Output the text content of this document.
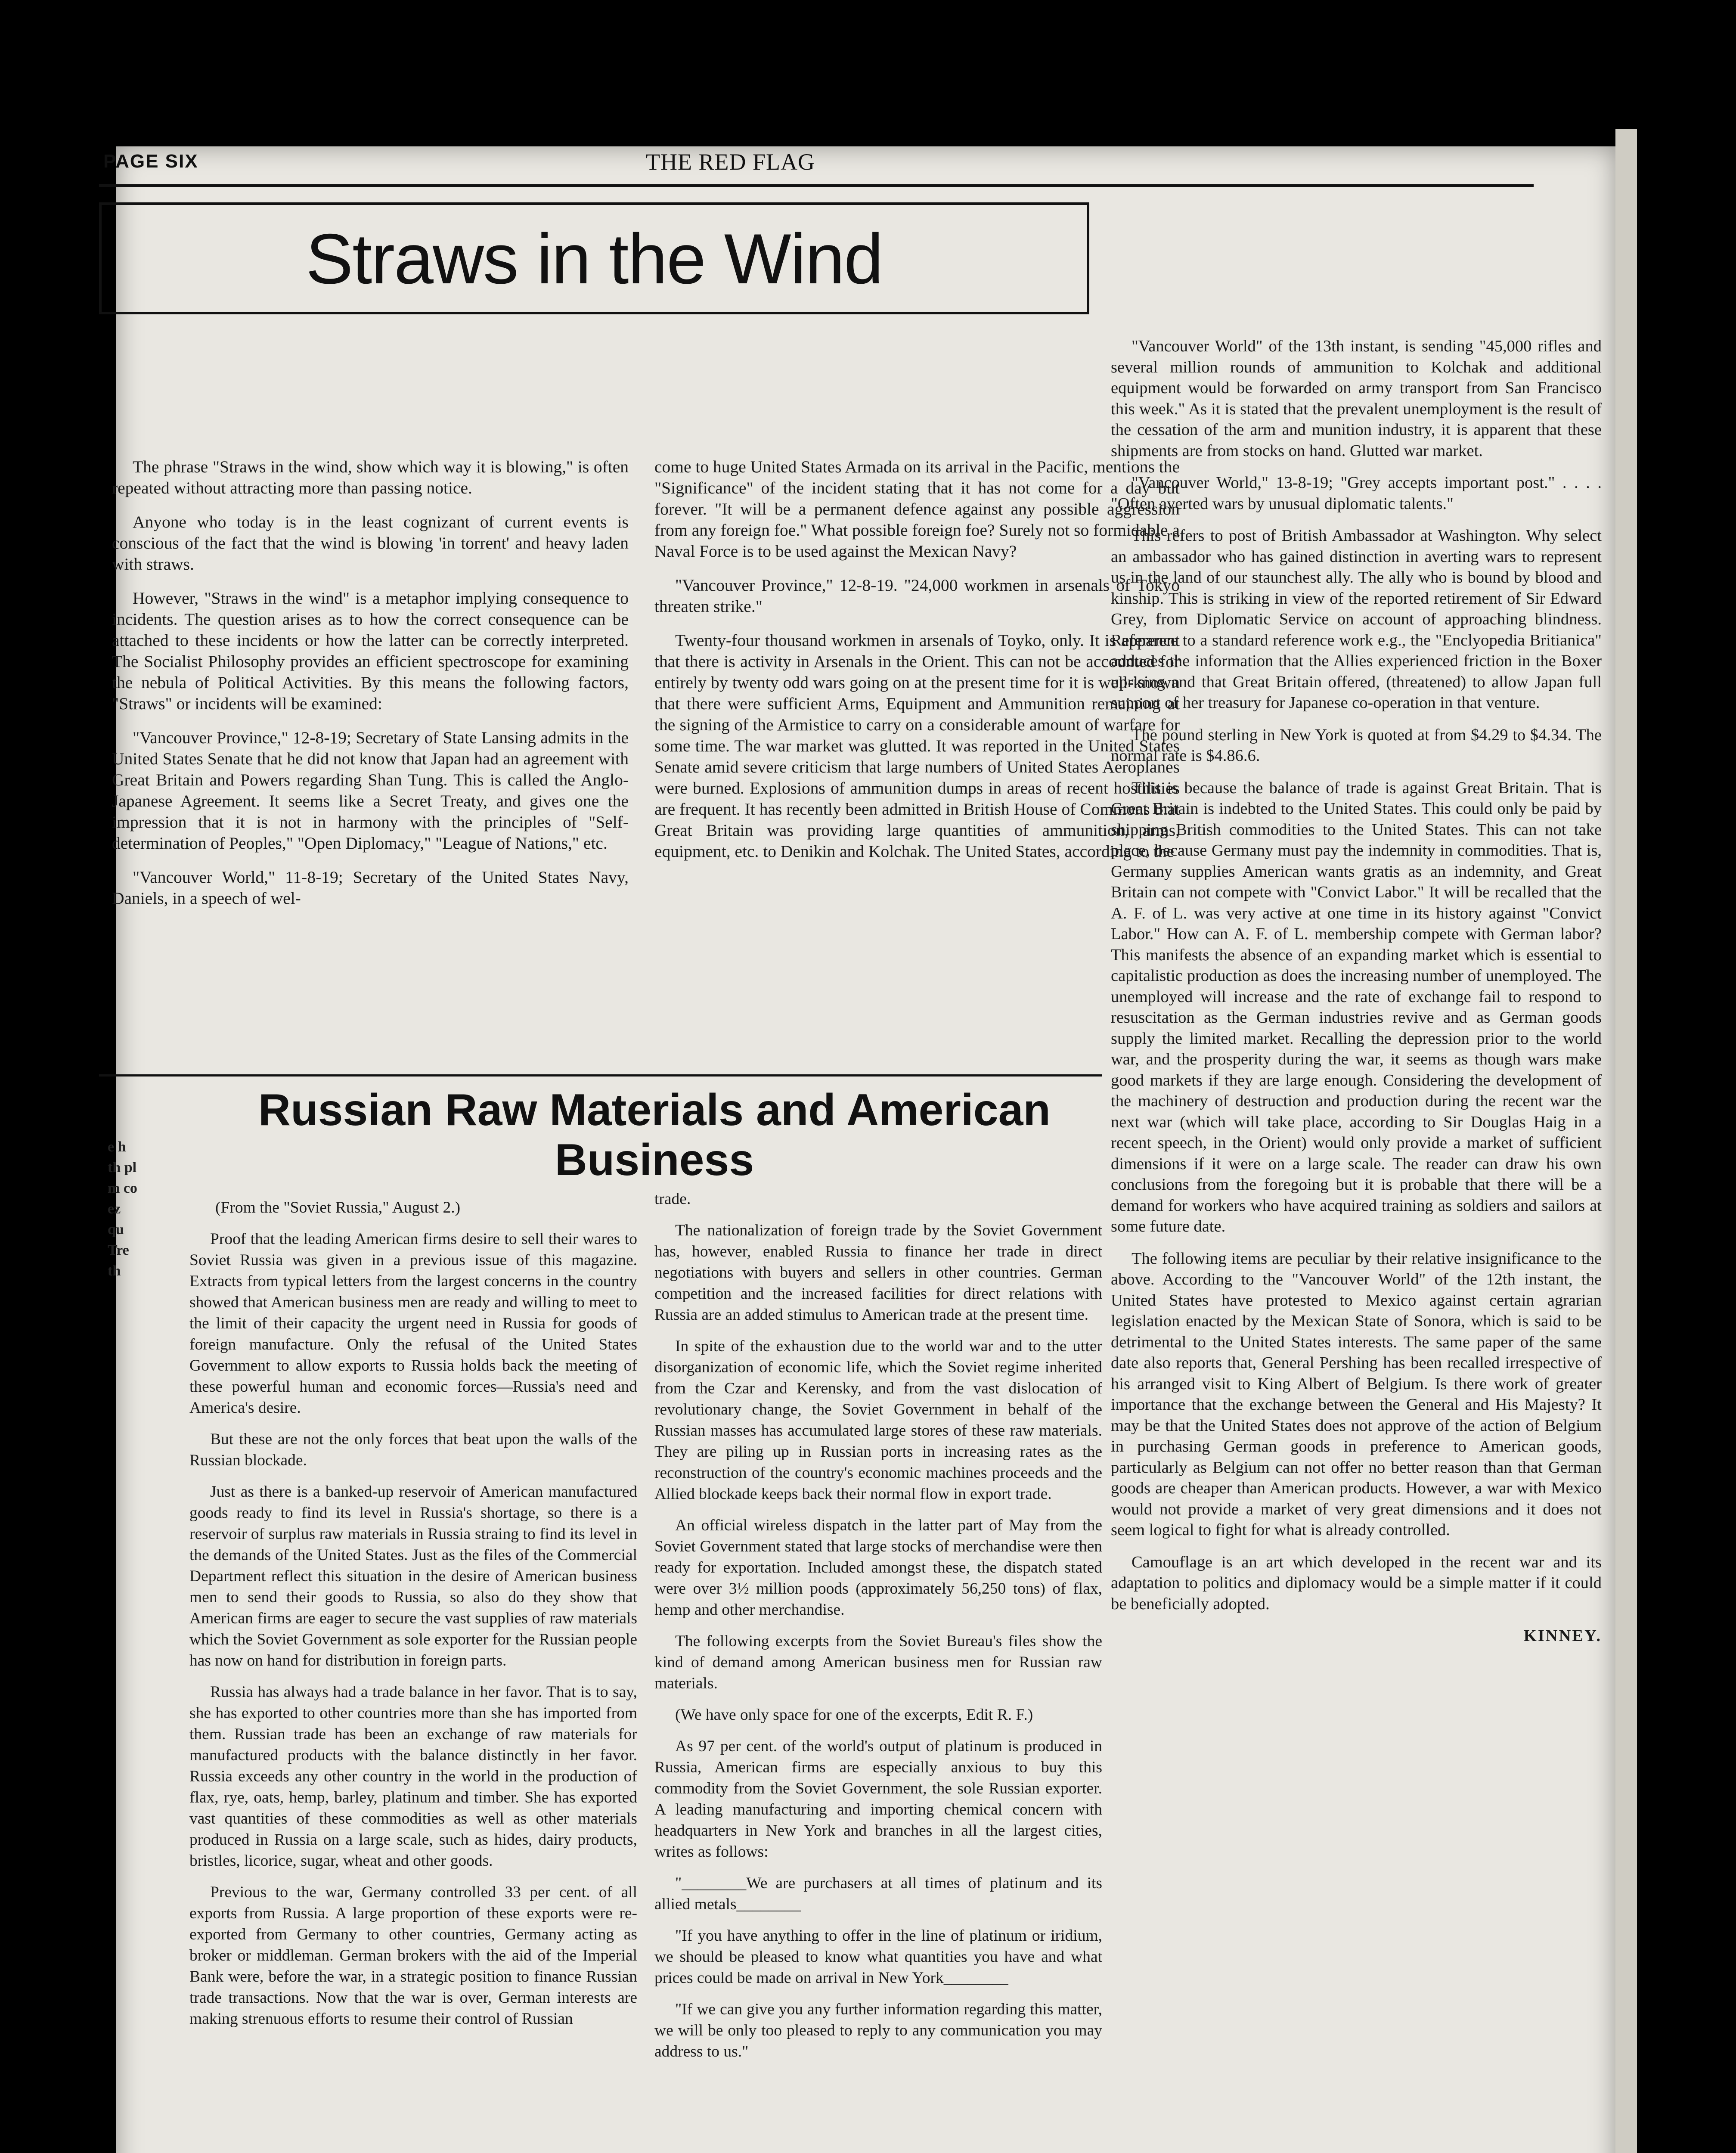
PAGE SIX	THE RED FLAG
Straws in the Wind

The phrase "Straws in the wind, show which way it is blowing," is often repeated without attracting more than passing notice.

Anyone who today is in the least cognizant of current events is conscious of the fact that the wind is blowing 'in torrent' and heavy laden with straws.

However, "Straws in the wind" is a metaphor implying consequence to incidents. The question arises as to how the correct consequence can be attached to these incidents or how the latter can be correctly interpreted. The Socialist Philosophy provides an efficient spectroscope for examining the nebula of Political Activities. By this means the following factors, "Straws" or incidents will be examined:

"Vancouver Province," 12-8-19; Secretary of State Lansing admits in the United States Senate that he did not know that Japan had an agreement with Great Britain and Powers regarding Shan Tung. This is called the Anglo-Japanese Agreement. It seems like a Secret Treaty, and gives one the impression that it is not in harmony with the principles of "Self-determination of Peoples," "Open Diplomacy," "League of Nations," etc.

"Vancouver World," 11-8-19; Secretary of the United States Navy, Daniels, in a speech of wel-

come to huge United States Armada on its arrival in the Pacific, mentions the "Significance" of the incident stating that it has not come for a day but forever. "It will be a permanent defence against any possible aggression from any foreign foe." What possible foreign foe? Surely not so formidable a Naval Force is to be used against the Mexican Navy?

"Vancouver Province," 12-8-19. "24,000 workmen in arsenals of Tokyo threaten strike."

Twenty-four thousand workmen in arsenals of Toyko, only. It is apparent that there is activity in Arsenals in the Orient. This can not be accounted for entirely by twenty odd wars going on at the present time for it is well-known that there were sufficient Arms, Equipment and Ammunition remaining at the signing of the Armistice to carry on a considerable amount of warfare for some time. The war market was glutted. It was reported in the United States Senate amid severe criticism that large numbers of United States Aeroplanes were burned. Explosions of ammunition dumps in areas of recent hostilities are frequent. It has recently been admitted in British House of Commons that Great Britain was providing large quantities of ammunition, arms, equipment, etc. to Denikin and Kolchak. The United States, according to the

"Vancouver World" of the 13th instant, is sending "45,000 rifles and several million rounds of ammunition to Kolchak and additional equipment would be forwarded on army transport from San Francisco this week." As it is stated that the prevalent unemployment is the result of the cessation of the arm and munition industry, it is apparent that these shipments are from stocks on hand. Glutted war market.

"Vancouver World," 13-8-19; "Grey accepts important post." . . . . "Often averted wars by unusual diplomatic talents."

This refers to post of British Ambassador at Washington. Why select an ambassador who has gained distinction in averting wars to represent us in the land of our staunchest ally. The ally who is bound by blood and kinship. This is striking in view of the reported retirement of Sir Edward Grey, from Diplomatic Service on account of approaching blindness. Reference to a standard reference work e.g., the "Enclyopedia Britianica" adduces the information that the Allies experienced friction in the Boxer uprising and that Great Britain offered, (threatened) to allow Japan full support of her treasury for Japanese co-operation in that venture.

The pound sterling in New York is quoted at from $4.29 to $4.34. The normal rate is $4.86.6.

This is because the balance of trade is against Great Britain. That is Great Britain is indebted to the United States. This could only be paid by shipping British commodities to the United States. This can not take place, because Germany must pay the indemnity in commodities. That is, Germany supplies American wants gratis as an indemnity, and Great Britain can not compete with "Convict Labor." It will be recalled that the A. F. of L. was very active at one time in its history against "Convict Labor." How can A. F. of L. membership compete with German labor? This manifests the absence of an expanding market which is essential to capitalistic production as does the increasing number of unemployed. The unemployed will increase and the rate of exchange fail to respond to resuscitation as the German industries revive and as German goods supply the limited market. Recalling the depression prior to the world war, and the prosperity during the war, it seems as though wars make good markets if they are large enough. Considering the development of the machinery of destruction and production during the recent war the next war (which will take place, according to Sir Douglas Haig in a recent speech, in the Orient) would only provide a market of sufficient dimensions if it were on a large scale. The reader can draw his own conclusions from the foregoing but it is probable that there will be a demand for workers who have acquired training as soldiers and sailors at some future date.

The following items are peculiar by their relative insignificance to the above. According to the "Vancouver World" of the 12th instant, the United States have protested to Mexico against certain agrarian legislation enacted by the Mexican State of Sonora, which is said to be detrimental to the United States interests. The same paper of the same date also reports that, General Pershing has been recalled irrespective of his arranged visit to King Albert of Belgium. Is there work of greater importance that the exchange between the General and His Majesty? It may be that the United States does not approve of the action of Belgium in purchasing German goods in preference to American goods, particularly as Belgium can not offer no better reason than that German goods are cheaper than American products. However, a war with Mexico would not provide a market of very great dimensions and it does not seem logical to fight for what is already controlled.

Camouflage is an art which developed in the recent war and its adaptation to politics and diplomacy would be a simple matter if it could be beneficially adopted.

KINNEY.

Russian Raw Materials and American Business

(From the "Soviet Russia," August 2.)

Proof that the leading American firms desire to sell their wares to Soviet Russia was given in a previous issue of this magazine. Extracts from typical letters from the largest concerns in the country showed that American business men are ready and willing to meet to the limit of their capacity the urgent need in Russia for goods of foreign manufacture. Only the refusal of the United States Government to allow exports to Russia holds back the meeting of these powerful human and economic forces—Russia's need and America's desire.

But these are not the only forces that beat upon the walls of the Russian blockade.

Just as there is a banked-up reservoir of American manufactured goods ready to find its level in Russia's shortage, so there is a reservoir of surplus raw materials in Russia straing to find its level in the demands of the United States. Just as the files of the Commercial Department reflect this situation in the desire of American business men to send their goods to Russia, so also do they show that American firms are eager to secure the vast supplies of raw materials which the Soviet Government as sole exporter for the Russian people has now on hand for distribution in foreign parts.

Russia has always had a trade balance in her favor. That is to say, she has exported to other countries more than she has imported from them. Russian trade has been an exchange of raw materials for manufactured products with the balance distinctly in her favor. Russia exceeds any other country in the world in the production of flax, rye, oats, hemp, barley, platinum and timber. She has exported vast quantities of these commodities as well as other materials produced in Russia on a large scale, such as hides, dairy products, bristles, licorice, sugar, wheat and other goods.

Previous to the war, Germany controlled 33 per cent. of all exports from Russia. A large proportion of these exports were re-exported from Germany to other countries, Germany acting as broker or middleman. German brokers with the aid of the Imperial Bank were, before the war, in a strategic position to finance Russian trade transactions. Now that the war is over, German interests are making strenuous efforts to resume their control of Russian

trade.

The nationalization of foreign trade by the Soviet Government has, however, enabled Russia to finance her trade in direct negotiations with buyers and sellers in other countries. German competition and the increased facilities for direct relations with Russia are an added stimulus to American trade at the present time.

In spite of the exhaustion due to the world war and to the utter disorganization of economic life, which the Soviet regime inherited from the Czar and Kerensky, and from the vast dislocation of revolutionary change, the Soviet Government in behalf of the Russian masses has accumulated large stores of these raw materials. They are piling up in Russian ports in increasing rates as the reconstruction of the country's economic machines proceeds and the Allied blockade keeps back their normal flow in export trade.

An official wireless dispatch in the latter part of May from the Soviet Government stated that large stocks of merchandise were then ready for exportation. Included amongst these, the dispatch stated were over 3½ million poods (approximately 56,250 tons) of flax, hemp and other merchandise.

The following excerpts from the Soviet Bureau's files show the kind of demand among American business men for Russian raw materials.

(We have only space for one of the excerpts, Edit R. F.)

As 97 per cent. of the world's output of platinum is produced in Russia, American firms are especially anxious to buy this commodity from the Soviet Government, the sole Russian exporter. A leading manufacturing and importing chemical concern with headquarters in New York and branches in all the largest cities, writes as follows:

"________We are purchasers at all times of platinum and its allied metals________

"If you have anything to offer in the line of platinum or iridium, we should be pleased to know what quantities you have and what prices could be made on arrival in New York________

"If we can give you any further information regarding this matter, we will be only too pleased to reply to any communication you may address to us."

e h th pl m co ez qu Tre th
